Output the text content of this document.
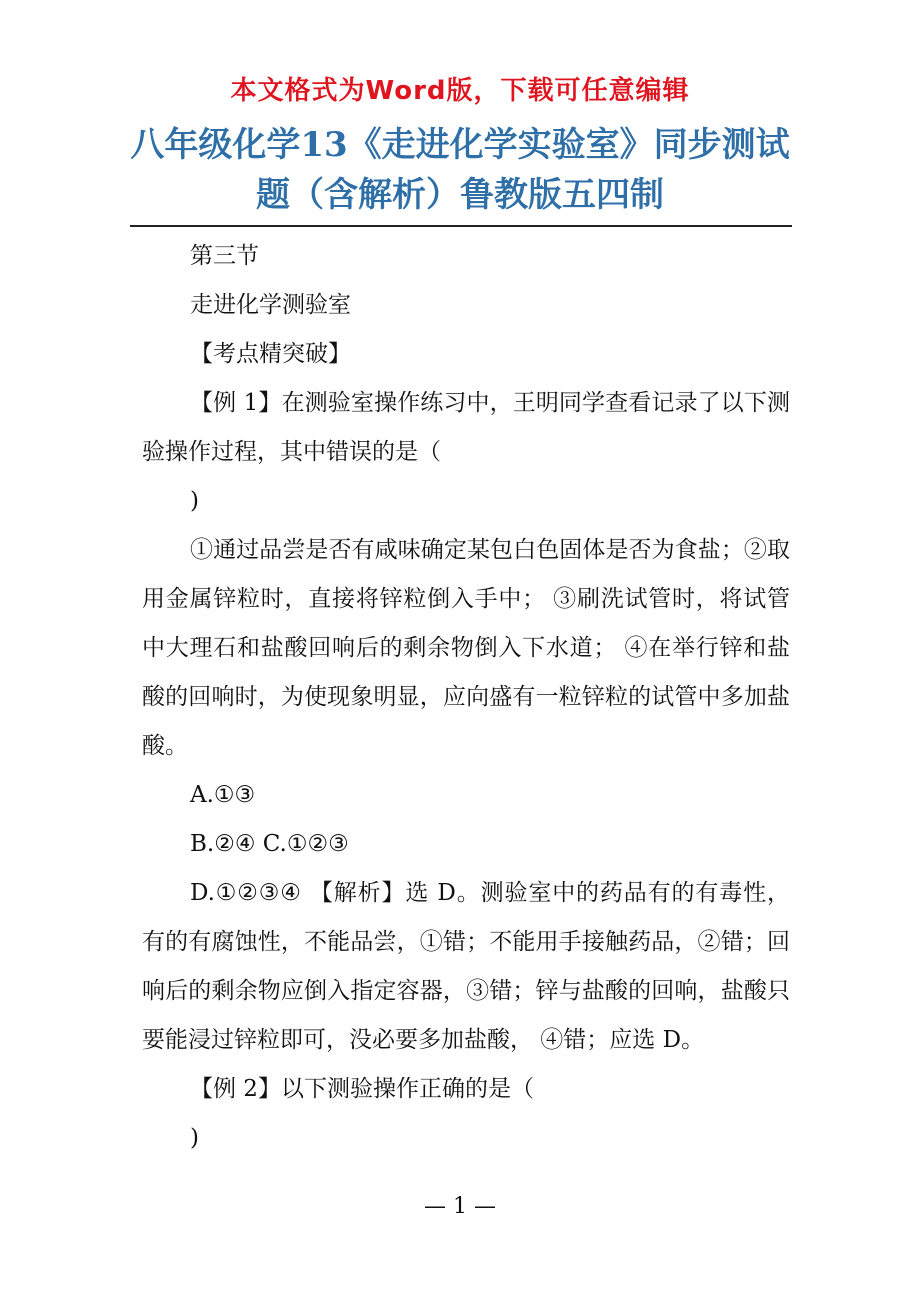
本文格式为Word版，下载可任意编辑
八年级化学13《走进化学实验室》同步测试
题（含解析）鲁教版五四制

第三节

走进化学测验室

【考点精突破】

【例 1】在测验室操作练习中，王明同学查看记录了以下测验操作过程，其中错误的是（

)

①通过品尝是否有咸味确定某包白色固体是否为食盐；②取用金属锌粒时，直接将锌粒倒入手中； ③刷洗试管时，将试管中大理石和盐酸回响后的剩余物倒入下水道； ④在举行锌和盐酸的回响时，为使现象明显，应向盛有一粒锌粒的试管中多加盐酸。

A.①③

B.②④ C.①②③

D.①②③④ 【解析】选 D。测验室中的药品有的有毒性，有的有腐蚀性，不能品尝，①错；不能用手接触药品，②错；回响后的剩余物应倒入指定容器，③错；锌与盐酸的回响，盐酸只要能浸过锌粒即可，没必要多加盐酸， ④错；应选 D。

【例 2】以下测验操作正确的是（

)

— 1 —
